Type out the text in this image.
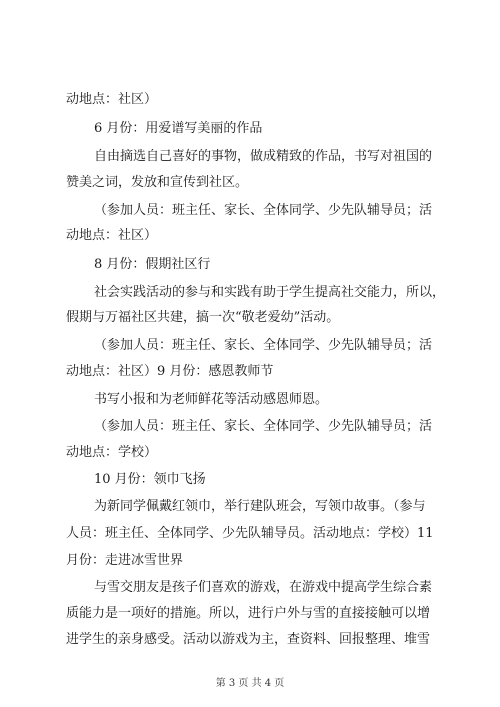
动地点：社区）
6 月份：用爱谱写美丽的作品
自由摘选自己喜好的事物，做成精致的作品，书写对祖国的
赞美之词，发放和宣传到社区。
（参加人员：班主任、家长、全体同学、少先队辅导员；活
动地点：社区）
8 月份：假期社区行
社会实践活动的参与和实践有助于学生提高社交能力，所以，
假期与万福社区共建，搞一次“敬老爱幼”活动。
（参加人员：班主任、家长、全体同学、少先队辅导员；活
动地点：社区）9 月份：感恩教师节
书写小报和为老师鲜花等活动感恩师恩。
（参加人员：班主任、家长、全体同学、少先队辅导员；活
动地点：学校）
10 月份：领巾飞扬
为新同学佩戴红领巾，举行建队班会，写领巾故事。（参与
人员：班主任、全体同学、少先队辅导员。活动地点：学校）11
月份：走进冰雪世界
与雪交朋友是孩子们喜欢的游戏，在游戏中提高学生综合素
质能力是一项好的措施。所以，进行户外与雪的直接接触可以增
进学生的亲身感受。活动以游戏为主，查资料、回报整理、堆雪
第 3 页 共 4 页
